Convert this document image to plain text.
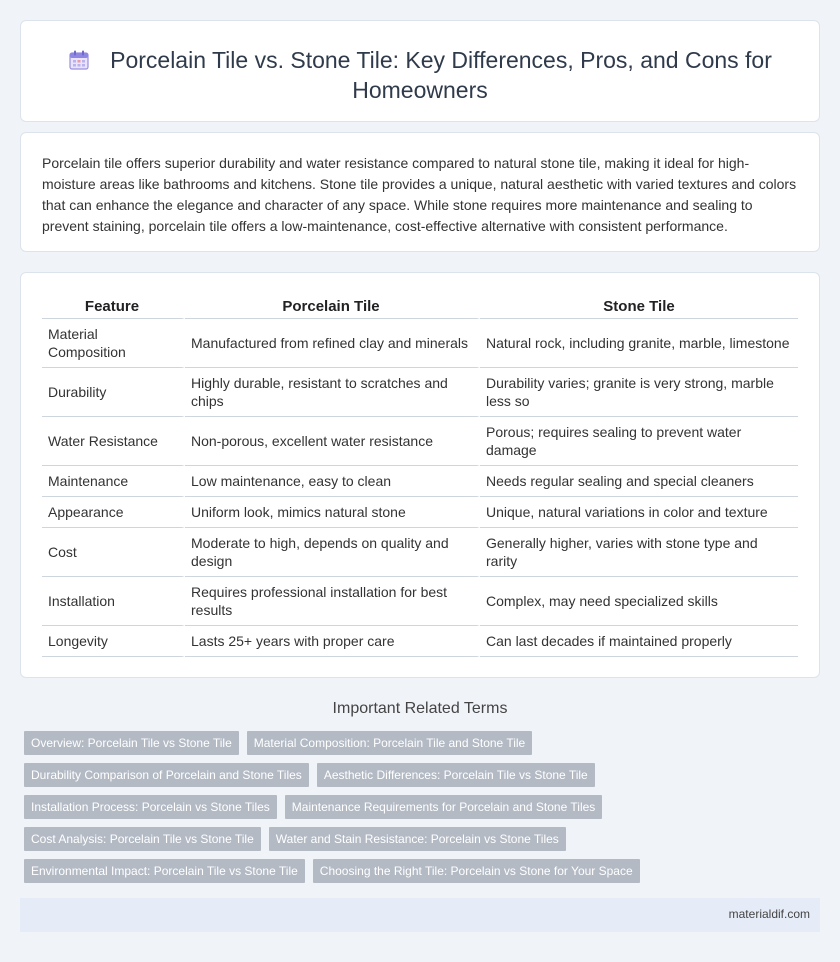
Porcelain Tile vs. Stone Tile: Key Differences, Pros, and Cons for Homeowners

Porcelain tile offers superior durability and water resistance compared to natural stone tile, making it ideal for high-moisture areas like bathrooms and kitchens. Stone tile provides a unique, natural aesthetic with varied textures and colors that can enhance the elegance and character of any space. While stone requires more maintenance and sealing to prevent staining, porcelain tile offers a low-maintenance, cost-effective alternative with consistent performance.

Feature	Porcelain Tile	Stone Tile
Material Composition	Manufactured from refined clay and minerals	Natural rock, including granite, marble, limestone
Durability	Highly durable, resistant to scratches and chips	Durability varies; granite is very strong, marble less so
Water Resistance	Non-porous, excellent water resistance	Porous; requires sealing to prevent water damage
Maintenance	Low maintenance, easy to clean	Needs regular sealing and special cleaners
Appearance	Uniform look, mimics natural stone	Unique, natural variations in color and texture
Cost	Moderate to high, depends on quality and design	Generally higher, varies with stone type and rarity
Installation	Requires professional installation for best results	Complex, may need specialized skills
Longevity	Lasts 25+ years with proper care	Can last decades if maintained properly
Important Related Terms
Overview: Porcelain Tile vs Stone Tile	Material Composition: Porcelain Tile and Stone Tile
Durability Comparison of Porcelain and Stone Tiles	Aesthetic Differences: Porcelain Tile vs Stone Tile
Installation Process: Porcelain vs Stone Tiles	Maintenance Requirements for Porcelain and Stone Tiles
Cost Analysis: Porcelain Tile vs Stone Tile	Water and Stain Resistance: Porcelain vs Stone Tiles
Environmental Impact: Porcelain Tile vs Stone Tile	Choosing the Right Tile: Porcelain vs Stone for Your Space
materialdif.com
